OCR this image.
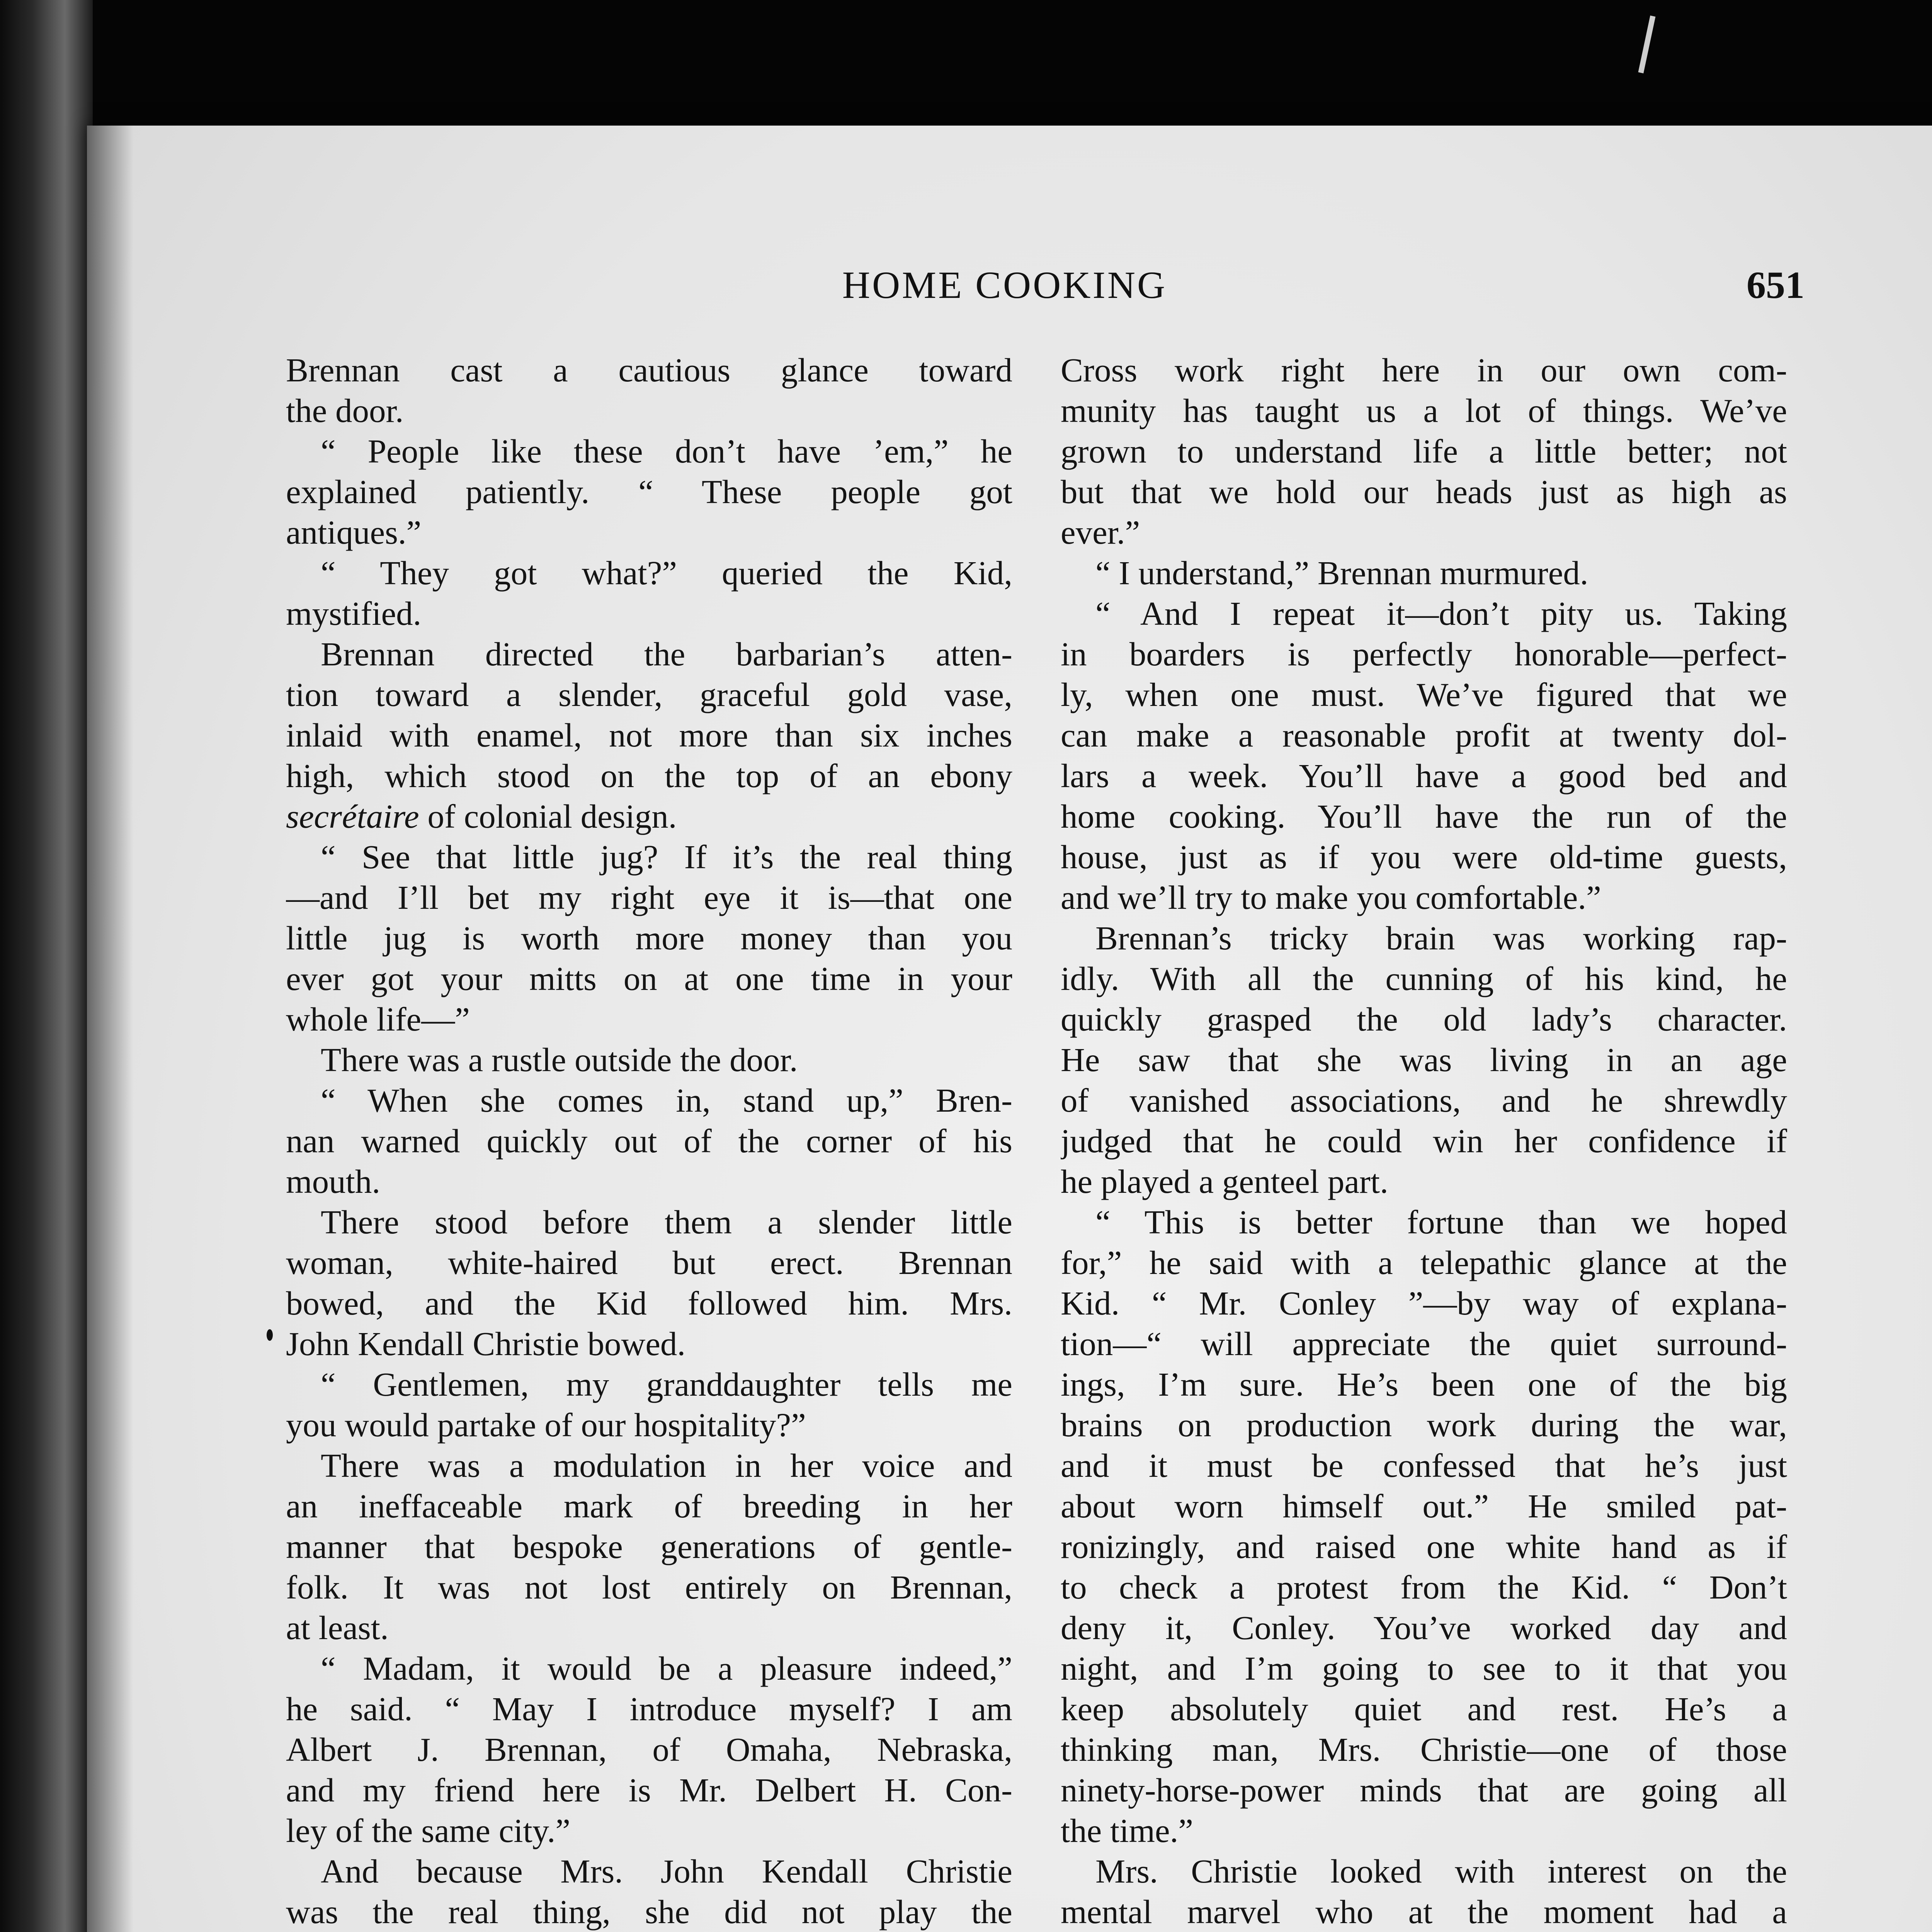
HOME COOKING	651
Brennan cast a cautious glance toward
the door.
“ People like these don’t have ’em,” he
explained patiently. “ These people got
antiques.”
“ They got what?” queried the Kid,
mystified.
Brennan directed the barbarian’s atten-
tion toward a slender, graceful gold vase,
inlaid with enamel, not more than six inches
high, which stood on the top of an ebony
secrétaire of colonial design.
“ See that little jug? If it’s the real thing
—and I’ll bet my right eye it is—that one
little jug is worth more money than you
ever got your mitts on at one time in your
whole life—”
There was a rustle outside the door.
“ When she comes in, stand up,” Bren-
nan warned quickly out of the corner of his
mouth.
There stood before them a slender little
woman, white-haired but erect. Brennan
bowed, and the Kid followed him. Mrs.
John Kendall Christie bowed.
“ Gentlemen, my granddaughter tells me
you would partake of our hospitality?”
There was a modulation in her voice and
an ineffaceable mark of breeding in her
manner that bespoke generations of gentle-
folk. It was not lost entirely on Brennan,
at least.
“ Madam, it would be a pleasure indeed,”
he said. “ May I introduce myself? I am
Albert J. Brennan, of Omaha, Nebraska,
and my friend here is Mr. Delbert H. Con-
ley of the same city.”
And because Mrs. John Kendall Christie
was the real thing, she did not play the
Cross work right here in our own com-
munity has taught us a lot of things. We’ve
grown to understand life a little better; not
but that we hold our heads just as high as
ever.”
“ I understand,” Brennan murmured.
“ And I repeat it—don’t pity us. Taking
in boarders is perfectly honorable—perfect-
ly, when one must. We’ve figured that we
can make a reasonable profit at twenty dol-
lars a week. You’ll have a good bed and
home cooking. You’ll have the run of the
house, just as if you were old-time guests,
and we’ll try to make you comfortable.”
Brennan’s tricky brain was working rap-
idly. With all the cunning of his kind, he
quickly grasped the old lady’s character.
He saw that she was living in an age
of vanished associations, and he shrewdly
judged that he could win her confidence if
he played a genteel part.
“ This is better fortune than we hoped
for,” he said with a telepathic glance at the
Kid. “ Mr. Conley ”—by way of explana-
tion—“ will appreciate the quiet surround-
ings, I’m sure. He’s been one of the big
brains on production work during the war,
and it must be confessed that he’s just
about worn himself out.” He smiled pat-
ronizingly, and raised one white hand as if
to check a protest from the Kid. “ Don’t
deny it, Conley. You’ve worked day and
night, and I’m going to see to it that you
keep absolutely quiet and rest. He’s a
thinking man, Mrs. Christie—one of those
ninety-horse-power minds that are going all
the time.”
Mrs. Christie looked with interest on the
mental marvel who at the moment had a
